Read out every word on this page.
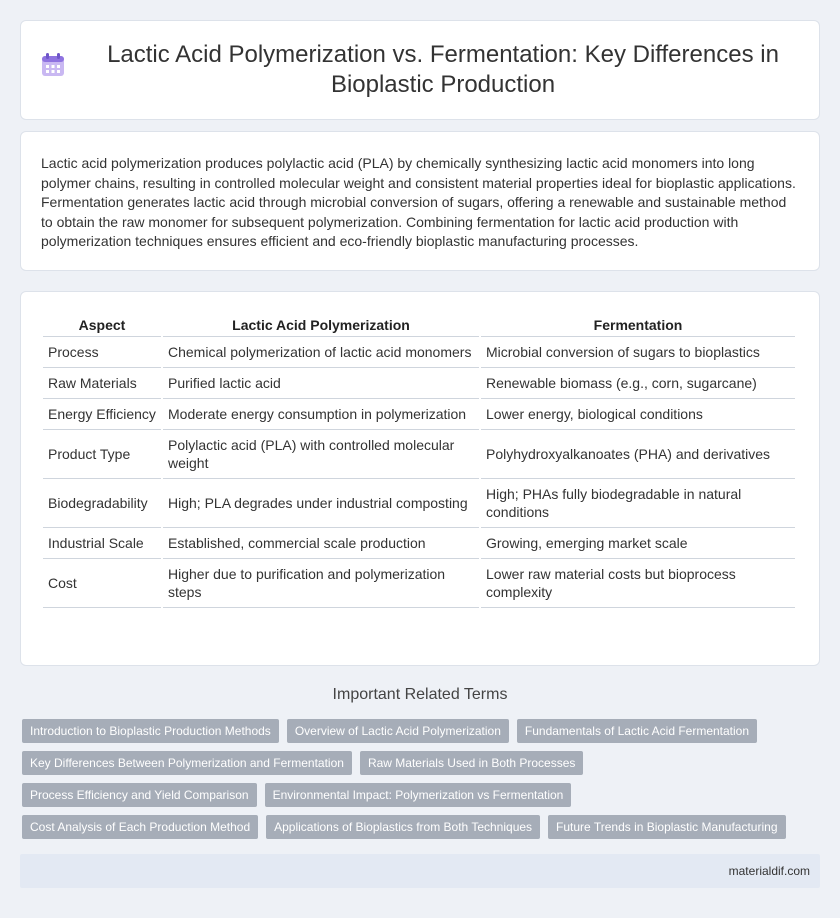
Lactic Acid Polymerization vs. Fermentation: Key Differences in Bioplastic Production

Lactic acid polymerization produces polylactic acid (PLA) by chemically synthesizing lactic acid monomers into long polymer chains, resulting in controlled molecular weight and consistent material properties ideal for bioplastic applications. Fermentation generates lactic acid through microbial conversion of sugars, offering a renewable and sustainable method to obtain the raw monomer for subsequent polymerization. Combining fermentation for lactic acid production with polymerization techniques ensures efficient and eco-friendly bioplastic manufacturing processes.

Aspect	Lactic Acid Polymerization	Fermentation
Process	Chemical polymerization of lactic acid monomers	Microbial conversion of sugars to bioplastics
Raw Materials	Purified lactic acid	Renewable biomass (e.g., corn, sugarcane)
Energy Efficiency	Moderate energy consumption in polymerization	Lower energy, biological conditions
Product Type	Polylactic acid (PLA) with controlled molecular weight	Polyhydroxyalkanoates (PHA) and derivatives
Biodegradability	High; PLA degrades under industrial composting	High; PHAs fully biodegradable in natural conditions
Industrial Scale	Established, commercial scale production	Growing, emerging market scale
Cost	Higher due to purification and polymerization steps	Lower raw material costs but bioprocess complexity
Important Related Terms
Introduction to Bioplastic Production Methods	Overview of Lactic Acid Polymerization	Fundamentals of Lactic Acid Fermentation
Key Differences Between Polymerization and Fermentation	Raw Materials Used in Both Processes
Process Efficiency and Yield Comparison	Environmental Impact: Polymerization vs Fermentation
Cost Analysis of Each Production Method	Applications of Bioplastics from Both Techniques	Future Trends in Bioplastic Manufacturing
materialdif.com
